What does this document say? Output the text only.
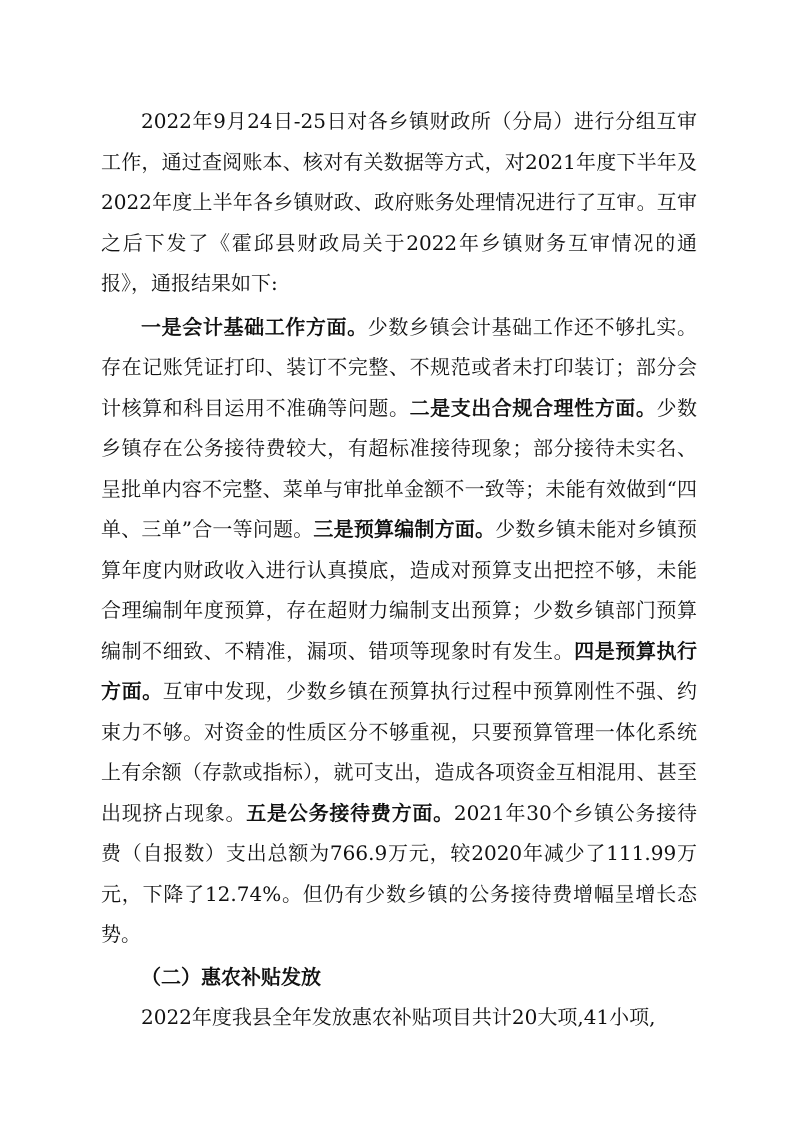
2022年9月24日-25日对各乡镇财政所（分局）进行分组互审工作，通过查阅账本、核对有关数据等方式，对2021年度下半年及2022年度上半年各乡镇财政、政府账务处理情况进行了互审。互审之后下发了《霍邱县财政局关于2022年乡镇财务互审情况的通报》，通报结果如下:

一是会计基础工作方面。少数乡镇会计基础工作还不够扎实。存在记账凭证打印、装订不完整、不规范或者未打印装订；部分会计核算和科目运用不准确等问题。二是支出合规合理性方面。少数乡镇存在公务接待费较大，有超标准接待现象；部分接待未实名、呈批单内容不完整、菜单与审批单金额不一致等；未能有效做到“四单、三单”合一等问题。三是预算编制方面。少数乡镇未能对乡镇预算年度内财政收入进行认真摸底，造成对预算支出把控不够，未能合理编制年度预算，存在超财力编制支出预算；少数乡镇部门预算编制不细致、不精准，漏项、错项等现象时有发生。四是预算执行方面。互审中发现，少数乡镇在预算执行过程中预算刚性不强、约束力不够。对资金的性质区分不够重视，只要预算管理一体化系统上有余额（存款或指标），就可支出，造成各项资金互相混用、甚至出现挤占现象。五是公务接待费方面。2021年30个乡镇公务接待费（自报数）支出总额为766.9万元，较2020年减少了111.99万元，下降了12.74%。但仍有少数乡镇的公务接待费增幅呈增长态势。

（二）惠农补贴发放

2022年度我县全年发放惠农补贴项目共计20大项,41小项,
